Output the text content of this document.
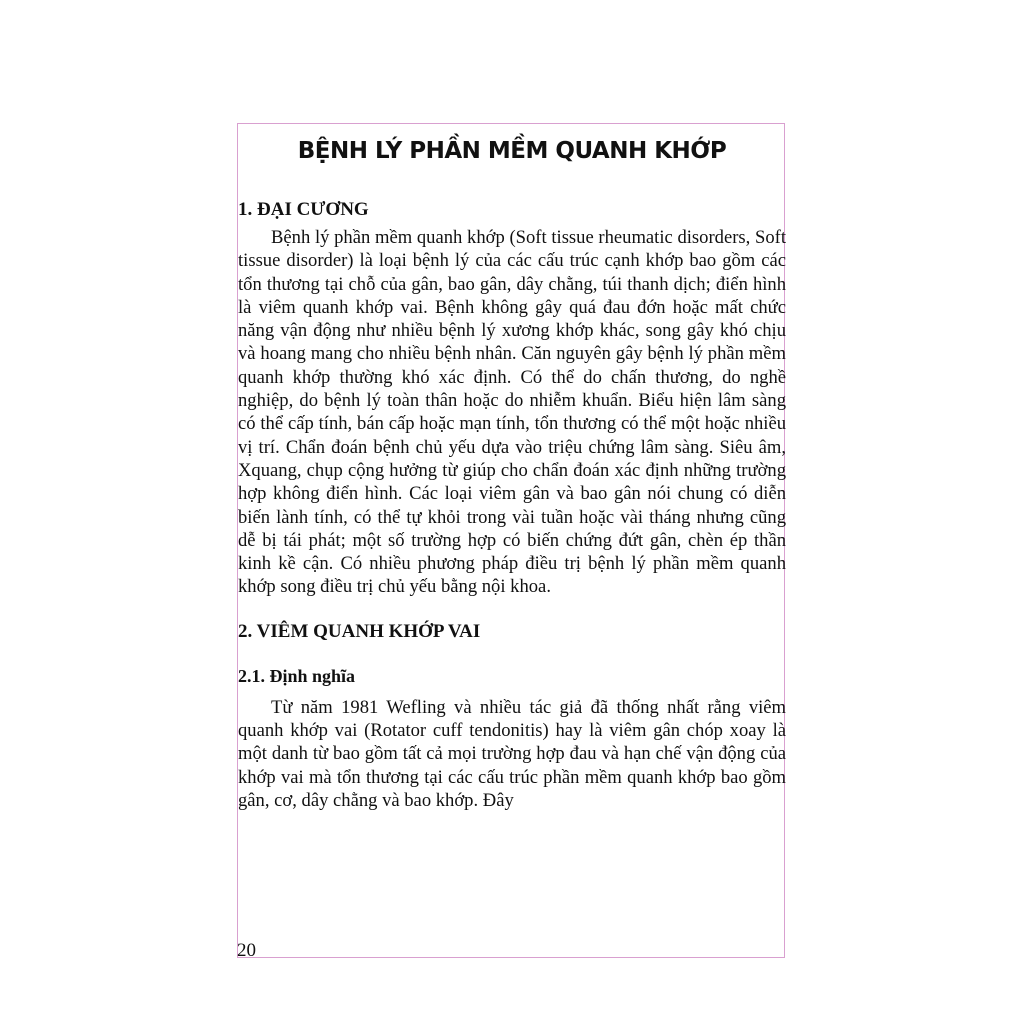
BỆNH LÝ PHẦN MỀM QUANH KHỚP
1. ĐẠI CƯƠNG

Bệnh lý phần mềm quanh khớp (Soft tissue rheumatic disorders, Soft tissue disorder) là loại bệnh lý của các cấu trúc cạnh khớp bao gồm các tổn thương tại chỗ của gân, bao gân, dây chằng, túi thanh dịch; điển hình là viêm quanh khớp vai. Bệnh không gây quá đau đớn hoặc mất chức năng vận động như nhiều bệnh lý xương khớp khác, song gây khó chịu và hoang mang cho nhiều bệnh nhân. Căn nguyên gây bệnh lý phần mềm quanh khớp thường khó xác định. Có thể do chấn thương, do nghề nghiệp, do bệnh lý toàn thân hoặc do nhiễm khuẩn. Biểu hiện lâm sàng có thể cấp tính, bán cấp hoặc mạn tính, tổn thương có thể một hoặc nhiều vị trí. Chẩn đoán bệnh chủ yếu dựa vào triệu chứng lâm sàng. Siêu âm, Xquang, chụp cộng hưởng từ giúp cho chẩn đoán xác định những trường hợp không điển hình. Các loại viêm gân và bao gân nói chung có diễn biến lành tính, có thể tự khỏi trong vài tuần hoặc vài tháng nhưng cũng dễ bị tái phát; một số trường hợp có biến chứng đứt gân, chèn ép thần kinh kề cận. Có nhiều phương pháp điều trị bệnh lý phần mềm quanh khớp song điều trị chủ yếu bằng nội khoa.

2. VIÊM QUANH KHỚP VAI
2.1. Định nghĩa

Từ năm 1981 Wefling và nhiều tác giả đã thống nhất rằng viêm quanh khớp vai (Rotator cuff tendonitis) hay là viêm gân chóp xoay là một danh từ bao gồm tất cả mọi trường hợp đau và hạn chế vận động của khớp vai mà tổn thương tại các cấu trúc phần mềm quanh khớp bao gồm gân, cơ, dây chằng và bao khớp. Đây

20
